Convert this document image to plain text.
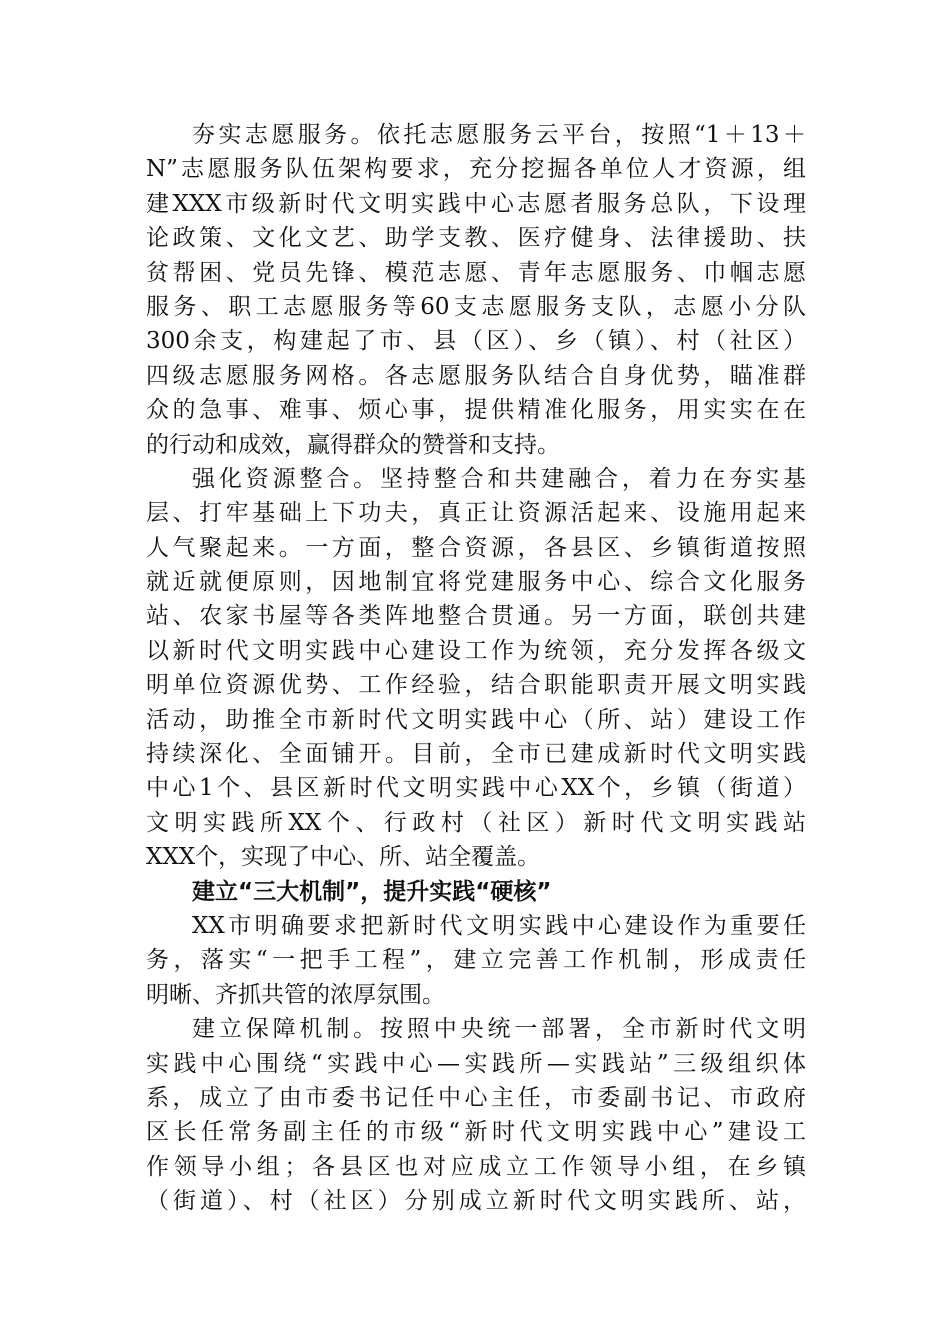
夯实志愿服务。依托志愿服务云平台，按照“1＋13＋
N”志愿服务队伍架构要求，充分挖掘各单位人才资源，组
建XXX市级新时代文明实践中心志愿者服务总队，下设理
论政策、文化文艺、助学支教、医疗健身、法律援助、扶
贫帮困、党员先锋、模范志愿、青年志愿服务、巾帼志愿
服务、职工志愿服务等60支志愿服务支队，志愿小分队
300余支，构建起了市、县（区）、乡（镇）、村（社区）
四级志愿服务网格。各志愿服务队结合自身优势，瞄准群
众的急事、难事、烦心事，提供精准化服务，用实实在在
的行动和成效，赢得群众的赞誉和支持。
强化资源整合。坚持整合和共建融合，着力在夯实基
层、打牢基础上下功夫，真正让资源活起来、设施用起来
人气聚起来。一方面，整合资源，各县区、乡镇街道按照
就近就便原则，因地制宜将党建服务中心、综合文化服务
站、农家书屋等各类阵地整合贯通。另一方面，联创共建
以新时代文明实践中心建设工作为统领，充分发挥各级文
明单位资源优势、工作经验，结合职能职责开展文明实践
活动，助推全市新时代文明实践中心（所、站）建设工作
持续深化、全面铺开。目前，全市已建成新时代文明实践
中心1个、县区新时代文明实践中心XX个，乡镇（街道）
文明实践所XX个、行政村（社区）新时代文明实践站
XXX个，实现了中心、所、站全覆盖。
建立“三大机制”，提升实践“硬核”
XX市明确要求把新时代文明实践中心建设作为重要任
务，落实“一把手工程”，建立完善工作机制，形成责任
明晰、齐抓共管的浓厚氛围。
建立保障机制。按照中央统一部署，全市新时代文明
实践中心围绕“实践中心—实践所—实践站”三级组织体
系，成立了由市委书记任中心主任，市委副书记、市政府
区长任常务副主任的市级“新时代文明实践中心”建设工
作领导小组；各县区也对应成立工作领导小组，在乡镇
（街道）、村（社区）分别成立新时代文明实践所、站，
